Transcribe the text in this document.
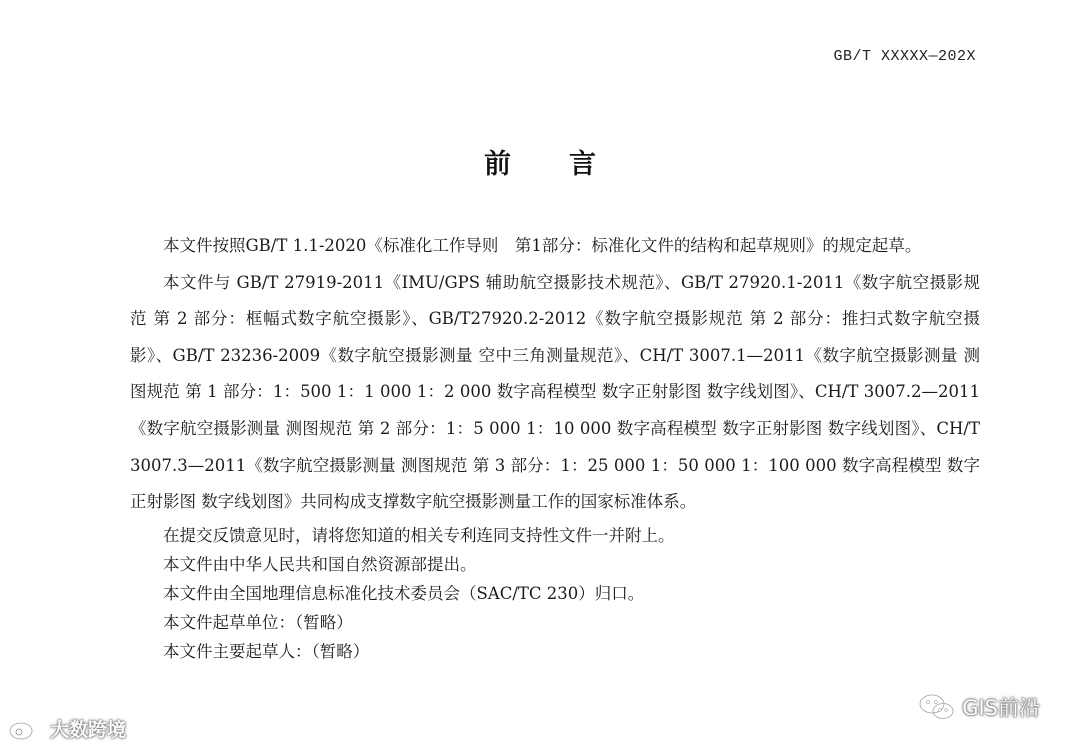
GB/T XXXXX—202X
前言

本文件按照GB/T 1.1-2020《标准化工作导则　第1部分：标准化文件的结构和起草规则》的规定起草。

本文件与 GB/T 27919-2011《IMU/GPS 辅助航空摄影技术规范》、GB/T 27920.1-2011《数字航空摄影规范 第 2 部分：框幅式数字航空摄影》、GB/T27920.2-2012《数字航空摄影规范 第 2 部分：推扫式数字航空摄影》、GB/T 23236-2009《数字航空摄影测量 空中三角测量规范》、CH/T 3007.1—2011《数字航空摄影测量 测图规范 第 1 部分：1：500 1：1 000 1：2 000 数字高程模型 数字正射影图 数字线划图》、CH/T 3007.2—2011《数字航空摄影测量 测图规范 第 2 部分：1：5 000 1：10 000 数字高程模型 数字正射影图 数字线划图》、CH/T 3007.3—2011《数字航空摄影测量 测图规范 第 3 部分：1：25 000 1：50 000 1：100 000 数字高程模型 数字正射影图 数字线划图》共同构成支撑数字航空摄影测量工作的国家标准体系。

在提交反馈意见时，请将您知道的相关专利连同支持性文件一并附上。

本文件由中华人民共和国自然资源部提出。

本文件由全国地理信息标准化技术委员会（SAC/TC 230）归口。

本文件起草单位：（暂略）

本文件主要起草人：（暂略）

大数跨境
GIS前沿
